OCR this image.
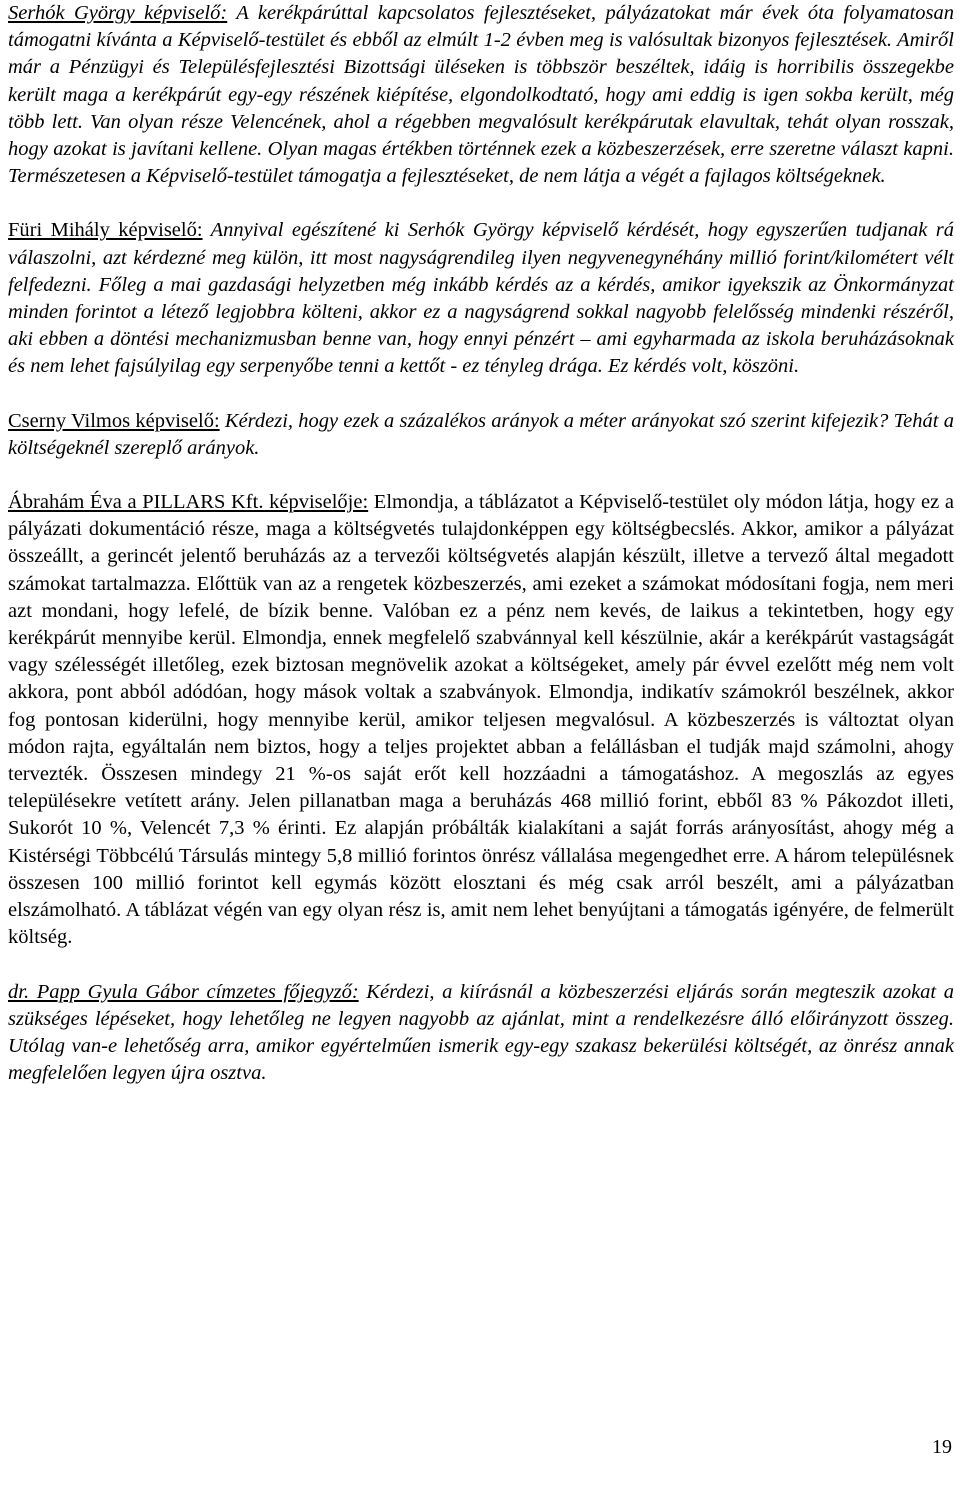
Serhók György képviselő: A kerékpárúttal kapcsolatos fejlesztéseket, pályázatokat már évek óta folyamatosan támogatni kívánta a Képviselő-testület és ebből az elmúlt 1-2 évben meg is valósultak bizonyos fejlesztések. Amiről már a Pénzügyi és Településfejlesztési Bizottsági üléseken is többször beszéltek, idáig is horribilis összegekbe került maga a kerékpárút egy-egy részének kiépítése, elgondolkodtató, hogy ami eddig is igen sokba került, még több lett. Van olyan része Velencének, ahol a régebben megvalósult kerékpárutak elavultak, tehát olyan rosszak, hogy azokat is javítani kellene. Olyan magas értékben történnek ezek a közbeszerzések, erre szeretne választ kapni. Természetesen a Képviselő-testület támogatja a fejlesztéseket, de nem látja a végét a fajlagos költségeknek.

Füri Mihály képviselő: Annyival egészítené ki Serhók György képviselő kérdését, hogy egyszerűen tudjanak rá válaszolni, azt kérdezné meg külön, itt most nagyságrendileg ilyen negyvenegynéhány millió forint/kilométert vélt felfedezni. Főleg a mai gazdasági helyzetben még inkább kérdés az a kérdés, amikor igyekszik az Önkormányzat minden forintot a létező legjobbra költeni, akkor ez a nagyságrend sokkal nagyobb felelősség mindenki részéről, aki ebben a döntési mechanizmusban benne van, hogy ennyi pénzért – ami egyharmada az iskola beruházásoknak és nem lehet fajsúlyilag egy serpenyőbe tenni a kettőt - ez tényleg drága. Ez kérdés volt, köszöni.

Cserny Vilmos képviselő: Kérdezi, hogy ezek a százalékos arányok a méter arányokat szó szerint kifejezik? Tehát a költségeknél szereplő arányok.

Ábrahám Éva a PILLARS Kft. képviselője: Elmondja, a táblázatot a Képviselő-testület oly módon látja, hogy ez a pályázati dokumentáció része, maga a költségvetés tulajdonképpen egy költségbecslés. Akkor, amikor a pályázat összeállt, a gerincét jelentő beruházás az a tervezői költségvetés alapján készült, illetve a tervező által megadott számokat tartalmazza. Előttük van az a rengetek közbeszerzés, ami ezeket a számokat módosítani fogja, nem meri azt mondani, hogy lefelé, de bízik benne. Valóban ez a pénz nem kevés, de laikus a tekintetben, hogy egy kerékpárút mennyibe kerül. Elmondja, ennek megfelelő szabvánnyal kell készülnie, akár a kerékpárút vastagságát vagy szélességét illetőleg, ezek biztosan megnövelik azokat a költségeket, amely pár évvel ezelőtt még nem volt akkora, pont abból adódóan, hogy mások voltak a szabványok. Elmondja, indikatív számokról beszélnek, akkor fog pontosan kiderülni, hogy mennyibe kerül, amikor teljesen megvalósul. A közbeszerzés is változtat olyan módon rajta, egyáltalán nem biztos, hogy a teljes projektet abban a felállásban el tudják majd számolni, ahogy tervezték. Összesen mindegy 21 %-os saját erőt kell hozzáadni a támogatáshoz. A megoszlás az egyes településekre vetített arány. Jelen pillanatban maga a beruházás 468 millió forint, ebből 83 % Pákozdot illeti, Sukorót 10 %, Velencét 7,3 % érinti. Ez alapján próbálták kialakítani a saját forrás arányosítást, ahogy még a Kistérségi Többcélú Társulás mintegy 5,8 millió forintos önrész vállalása megengedhet erre. A három településnek összesen 100 millió forintot kell egymás között elosztani és még csak arról beszélt, ami a pályázatban elszámolható. A táblázat végén van egy olyan rész is, amit nem lehet benyújtani a támogatás igényére, de felmerült költség.

dr. Papp Gyula Gábor címzetes főjegyző: Kérdezi, a kiírásnál a közbeszerzési eljárás során megteszik azokat a szükséges lépéseket, hogy lehetőleg ne legyen nagyobb az ajánlat, mint a rendelkezésre álló előirányzott összeg. Utólag van-e lehetőség arra, amikor egyértelműen ismerik egy-egy szakasz bekerülési költségét, az önrész annak megfelelően legyen újra osztva.

19
